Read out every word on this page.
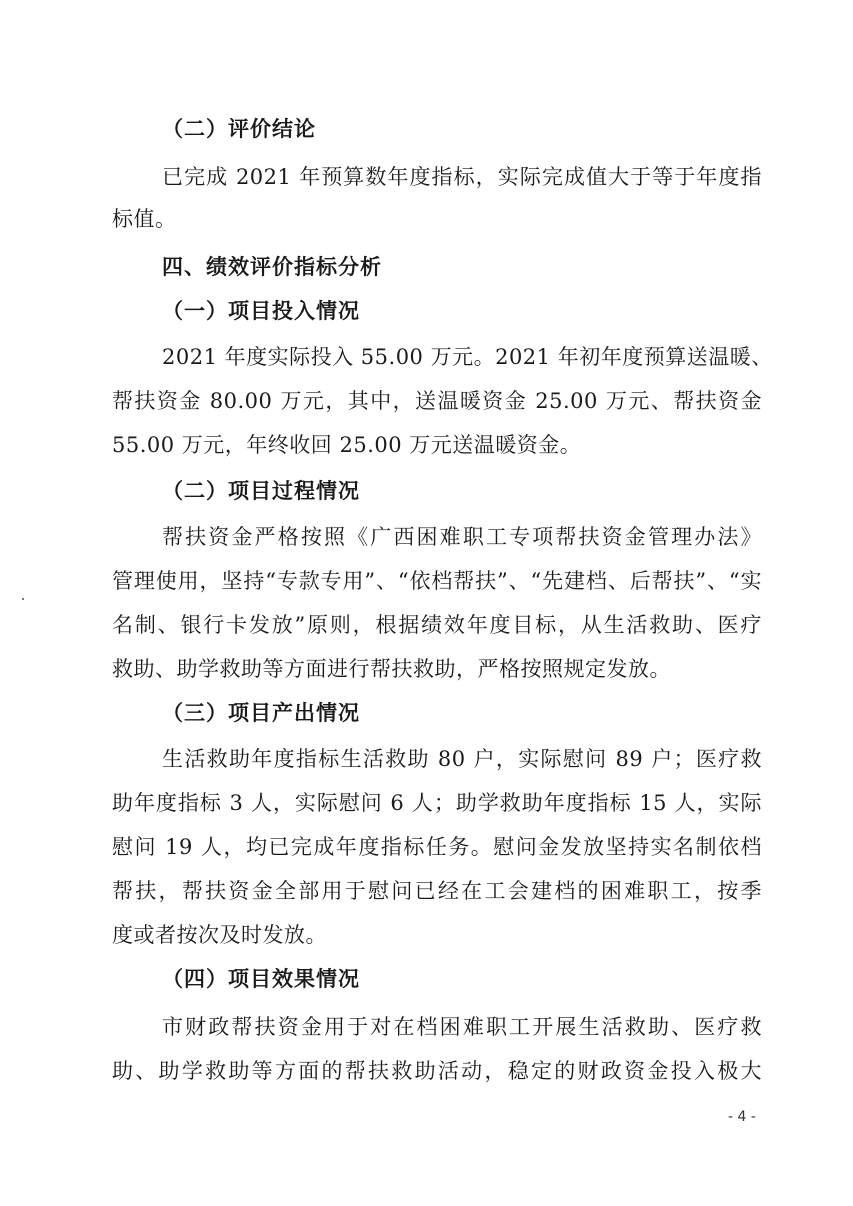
（二）评价结论
已完成 2021 年预算数年度指标，实际完成值大于等于年度指
标值。
四、绩效评价指标分析
（一）项目投入情况
2021 年度实际投入 55.00 万元。2021 年初年度预算送温暖、
帮扶资金 80.00 万元，其中，送温暖资金 25.00 万元、帮扶资金
55.00 万元，年终收回 25.00 万元送温暖资金。
（二）项目过程情况
帮扶资金严格按照《广西困难职工专项帮扶资金管理办法》
管理使用，坚持“专款专用”、“依档帮扶”、“先建档、后帮扶”、“实
名制、银行卡发放”原则，根据绩效年度目标，从生活救助、医疗
救助、助学救助等方面进行帮扶救助，严格按照规定发放。
（三）项目产出情况
生活救助年度指标生活救助 80 户，实际慰问 89 户；医疗救
助年度指标 3 人，实际慰问 6 人；助学救助年度指标 15 人，实际
慰问 19 人，均已完成年度指标任务。慰问金发放坚持实名制依档
帮扶，帮扶资金全部用于慰问已经在工会建档的困难职工，按季
度或者按次及时发放。
（四）项目效果情况
市财政帮扶资金用于对在档困难职工开展生活救助、医疗救
助、助学救助等方面的帮扶救助活动，稳定的财政资金投入极大
- 4 -
